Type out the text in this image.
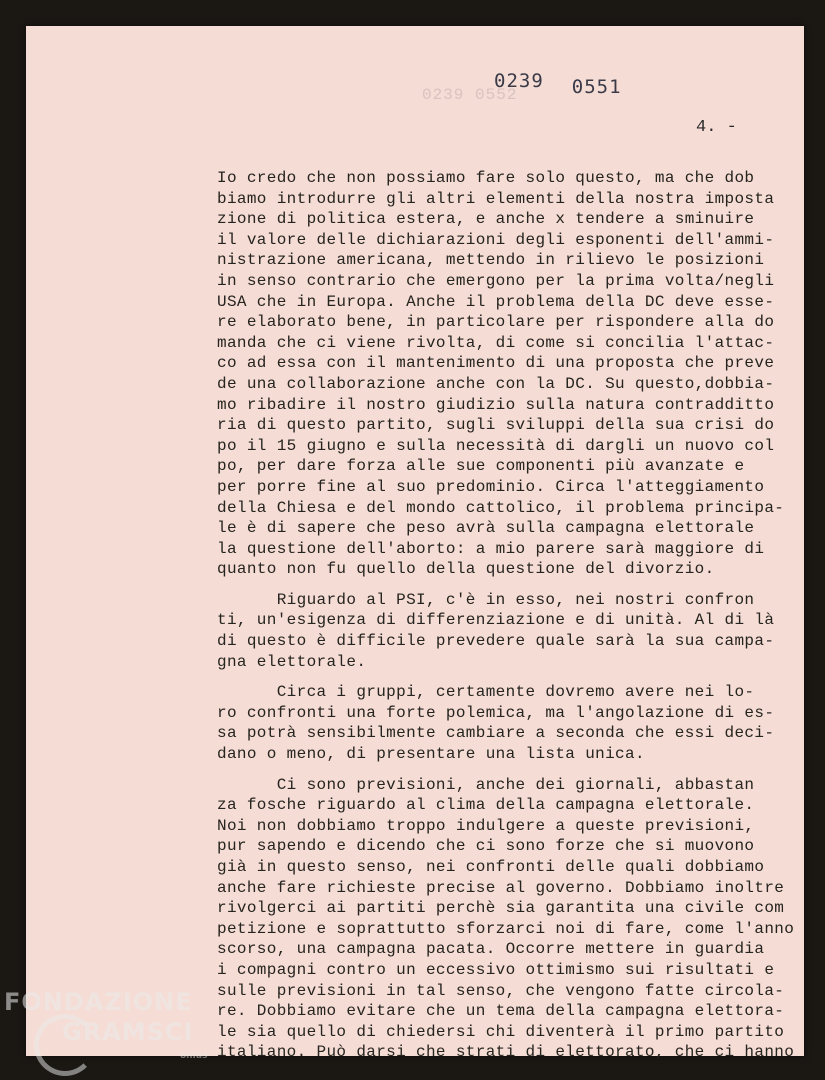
0239 0552
0239 0551
4. -
Io credo che non possiamo fare solo questo, ma che dob
biamo introdurre gli altri elementi della nostra imposta
zione di politica estera, e anche x tendere a sminuire
il valore delle dichiarazioni degli esponenti dell'ammi-
nistrazione americana, mettendo in rilievo le posizioni
in senso contrario che emergono per la prima volta/negli
USA che in Europa. Anche il problema della DC deve esse-
re elaborato bene, in particolare per rispondere alla do
manda che ci viene rivolta, di come si concilia l'attac-
co ad essa con il mantenimento di una proposta che preve
de una collaborazione anche con la DC. Su questo,dobbia-
mo ribadire il nostro giudizio sulla natura contradditto
ria di questo partito, sugli sviluppi della sua crisi do
po il 15 giugno e sulla necessità di dargli un nuovo col
po, per dare forza alle sue componenti più avanzate e
per porre fine al suo predominio. Circa l'atteggiamento
della Chiesa e del mondo cattolico, il problema principa-
le è di sapere che peso avrà sulla campagna elettorale
la questione dell'aborto: a mio parere sarà maggiore di
quanto non fu quello della questione del divorzio.
Riguardo al PSI, c'è in esso, nei nostri confron
ti, un'esigenza di differenziazione e di unità. Al di là
di questo è difficile prevedere quale sarà la sua campa-
gna elettorale.
Circa i gruppi, certamente dovremo avere nei lo-
ro confronti una forte polemica, ma l'angolazione di es-
sa potrà sensibilmente cambiare a seconda che essi deci-
dano o meno, di presentare una lista unica.
Ci sono previsioni, anche dei giornali, abbastan
za fosche riguardo al clima della campagna elettorale.
Noi non dobbiamo troppo indulgere a queste previsioni,
pur sapendo e dicendo che ci sono forze che si muovono
già in questo senso, nei confronti delle quali dobbiamo
anche fare richieste precise al governo. Dobbiamo inoltre
rivolgerci ai partiti perchè sia garantita una civile com
petizione e soprattutto sforzarci noi di fare, come l'anno
scorso, una campagna pacata. Occorre mettere in guardia
i compagni contro un eccessivo ottimismo sui risultati e
sulle previsioni in tal senso, che vengono fatte circola-
re. Dobbiamo evitare che un tema della campagna elettora-
le sia quello di chiedersi chi diventerà il primo partito
italiano. Può darsi che strati di elettorato, che ci hanno
FONDAZIONE
GRAMSCI
onlus
